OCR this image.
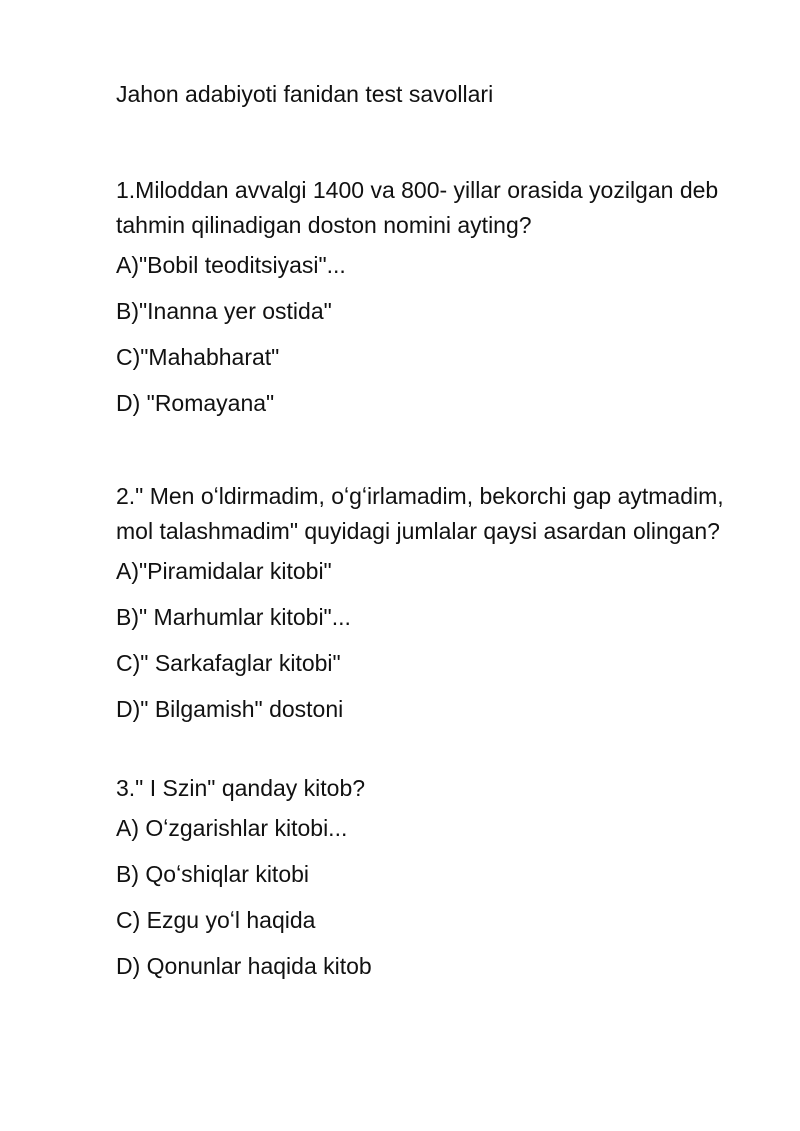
Jahon adabiyoti fanidan test savollari

1.Miloddan avvalgi 1400 va 800- yillar orasida yozilgan deb tahmin qilinadigan doston nomini ayting?

A)"Bobil teoditsiyasi"...

B)"Inanna yer ostida"

C)"Mahabharat"

D) "Romayana"

2." Men oʻldirmadim, oʻgʻirlamadim, bekorchi gap aytmadim, mol talashmadim" quyidagi jumlalar qaysi asardan olingan?

A)"Piramidalar kitobi"

B)" Marhumlar kitobi"...

C)" Sarkafaglar kitobi"

D)" Bilgamish" dostoni

3." I Szin" qanday kitob?

A) Oʻzgarishlar kitobi...

B) Qoʻshiqlar kitobi

C) Ezgu yoʻl haqida

D) Qonunlar haqida kitob
